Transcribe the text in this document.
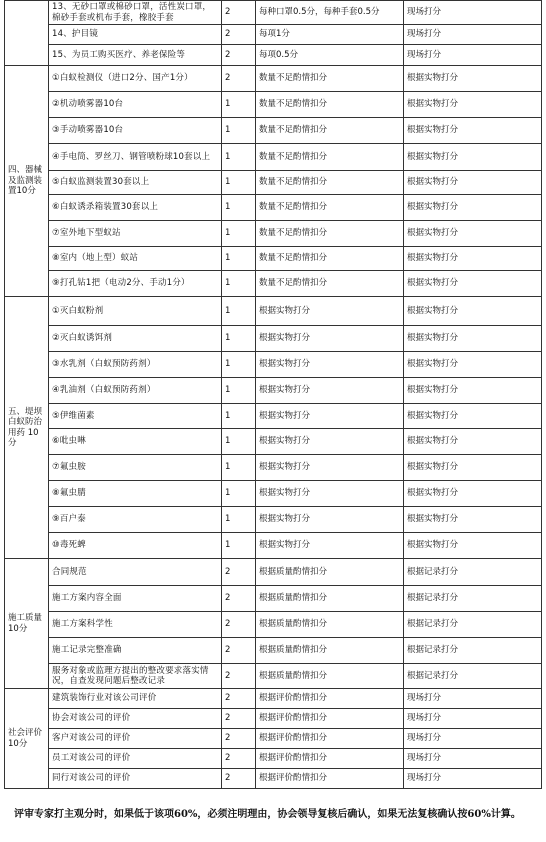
	13、无砂口罩或棉砂口罩，活性炭口罩，棉砂手套或机布手套，橡胶手套	2	每种口罩0.5分，每种手套0.5分	现场打分
	14、护目镜	2	每项1分	现场打分
	15、为员工购买医疗、养老保险等	2	每项0.5分	现场打分
四、器械及监测装置10分	①白蚁检测仪（进口2分、国产1分）	2	数量不足酌情扣分	根据实物打分
	②机动喷雾器10台	1	数量不足酌情扣分	根据实物打分
	③手动喷雾器10台	1	数量不足酌情扣分	根据实物打分
	④手电筒、罗丝刀、钢管喷粉球10套以上	1	数量不足酌情扣分	根据实物打分
	⑤白蚁监测装置30套以上	1	数量不足酌情扣分	根据实物打分
	⑥白蚁诱杀箱装置30套以上	1	数量不足酌情扣分	根据实物打分
	⑦室外地下型蚁站	1	数量不足酌情扣分	根据实物打分
	⑧室内（地上型）蚁站	1	数量不足酌情扣分	根据实物打分
	⑨打孔钻1把（电动2分、手动1分）	1	数量不足酌情扣分	根据实物打分
五、堤坝白蚁防治用药 10分	①灭白蚁粉剂	1	根据实物打分	根据实物打分
	②灭白蚁诱饵剂	1	根据实物打分	根据实物打分
	③水乳剂（白蚁预防药剂）	1	根据实物打分	根据实物打分
	④乳油剂（白蚁预防药剂）	1	根据实物打分	根据实物打分
	⑤伊维菌素	1	根据实物打分	根据实物打分
	⑥吡虫啉	1	根据实物打分	根据实物打分
	⑦氟虫胺	1	根据实物打分	根据实物打分
	⑧氟虫腈	1	根据实物打分	根据实物打分
	⑨百户泰	1	根据实物打分	根据实物打分
	⑩毒死蜱	1	根据实物打分	根据实物打分
施工质量 10分	合同规范	2	根据质量酌情扣分	根据记录打分
	施工方案内容全面	2	根据质量酌情扣分	根据记录打分
	施工方案科学性	2	根据质量酌情扣分	根据记录打分
	施工记录完整准确	2	根据质量酌情扣分	根据记录打分
	服务对象或监理方提出的整改要求落实情况，自查发现问题后整改记录	2	根据质量酌情扣分	根据记录打分
社会评价 10分	建筑装饰行业对该公司评价	2	根据评价酌情扣分	现场打分
	协会对该公司的评价	2	根据评价酌情扣分	现场打分
	客户对该公司的评价	2	根据评价酌情扣分	现场打分
	员工对该公司的评价	2	根据评价酌情扣分	现场打分
	同行对该公司的评价	2	根据评价酌情扣分	现场打分
评审专家打主观分时，如果低于该项60%，必须注明理由，协会领导复核后确认，如果无法复核确认按60%计算。
